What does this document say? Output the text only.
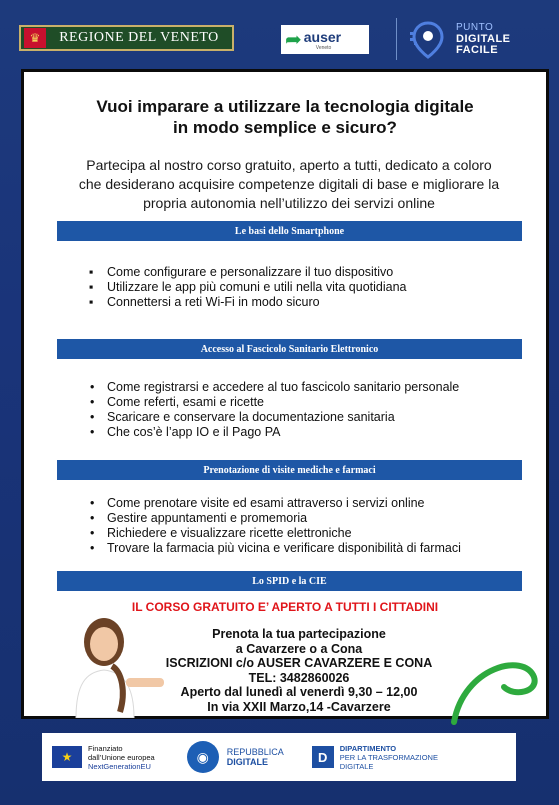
♛	REGIONE DEL VENETO	➦ auser
Veneto
PUNTO
DIGITALE
FACILE
Vuoi imparare a utilizzare la tecnologia digitale
in modo semplice e sicuro?
Partecipa al nostro corso gratuito, aperto a tutti, dedicato a coloro
che desiderano acquisire competenze digitali di base e migliorare la
propria autonomia nell’utilizzo dei servizi online
Le basi dello Smartphone
▪ Come configurare e personalizzare il tuo dispositivo
▪ Utilizzare le app più comuni e utili nella vita quotidiana
▪ Connettersi a reti Wi-Fi in modo sicuro
Accesso al Fascicolo Sanitario Elettronico
• Come registrarsi e accedere al tuo fascicolo sanitario personale
• Come referti, esami e ricette
• Scaricare e conservare la documentazione sanitaria
• Che cos’è l’app IO e il Pago PA
Prenotazione di visite mediche e farmaci
• Come prenotare visite ed esami attraverso i servizi online
• Gestire appuntamenti e promemoria
• Richiedere e visualizzare ricette elettroniche
• Trovare la farmacia più vicina e verificare disponibilità di farmaci
Lo SPID e la CIE
IL CORSO GRATUITO E’ APERTO A TUTTI I CITTADINI
Prenota la tua partecipazione
a Cavarzere o a Cona
ISCRIZIONI c/o AUSER CAVARZERE E CONA
TEL: 3482860026
Aperto dal lunedì al venerdì 9,30 – 12,00
In via XXII Marzo,14 -Cavarzere
★
Finanziato
dall’Unione europea
NextGenerationEU
◉	REPUBBLICA
DIGITALE	D
DIPARTIMENTO
PER LA TRASFORMAZIONE
DIGITALE
